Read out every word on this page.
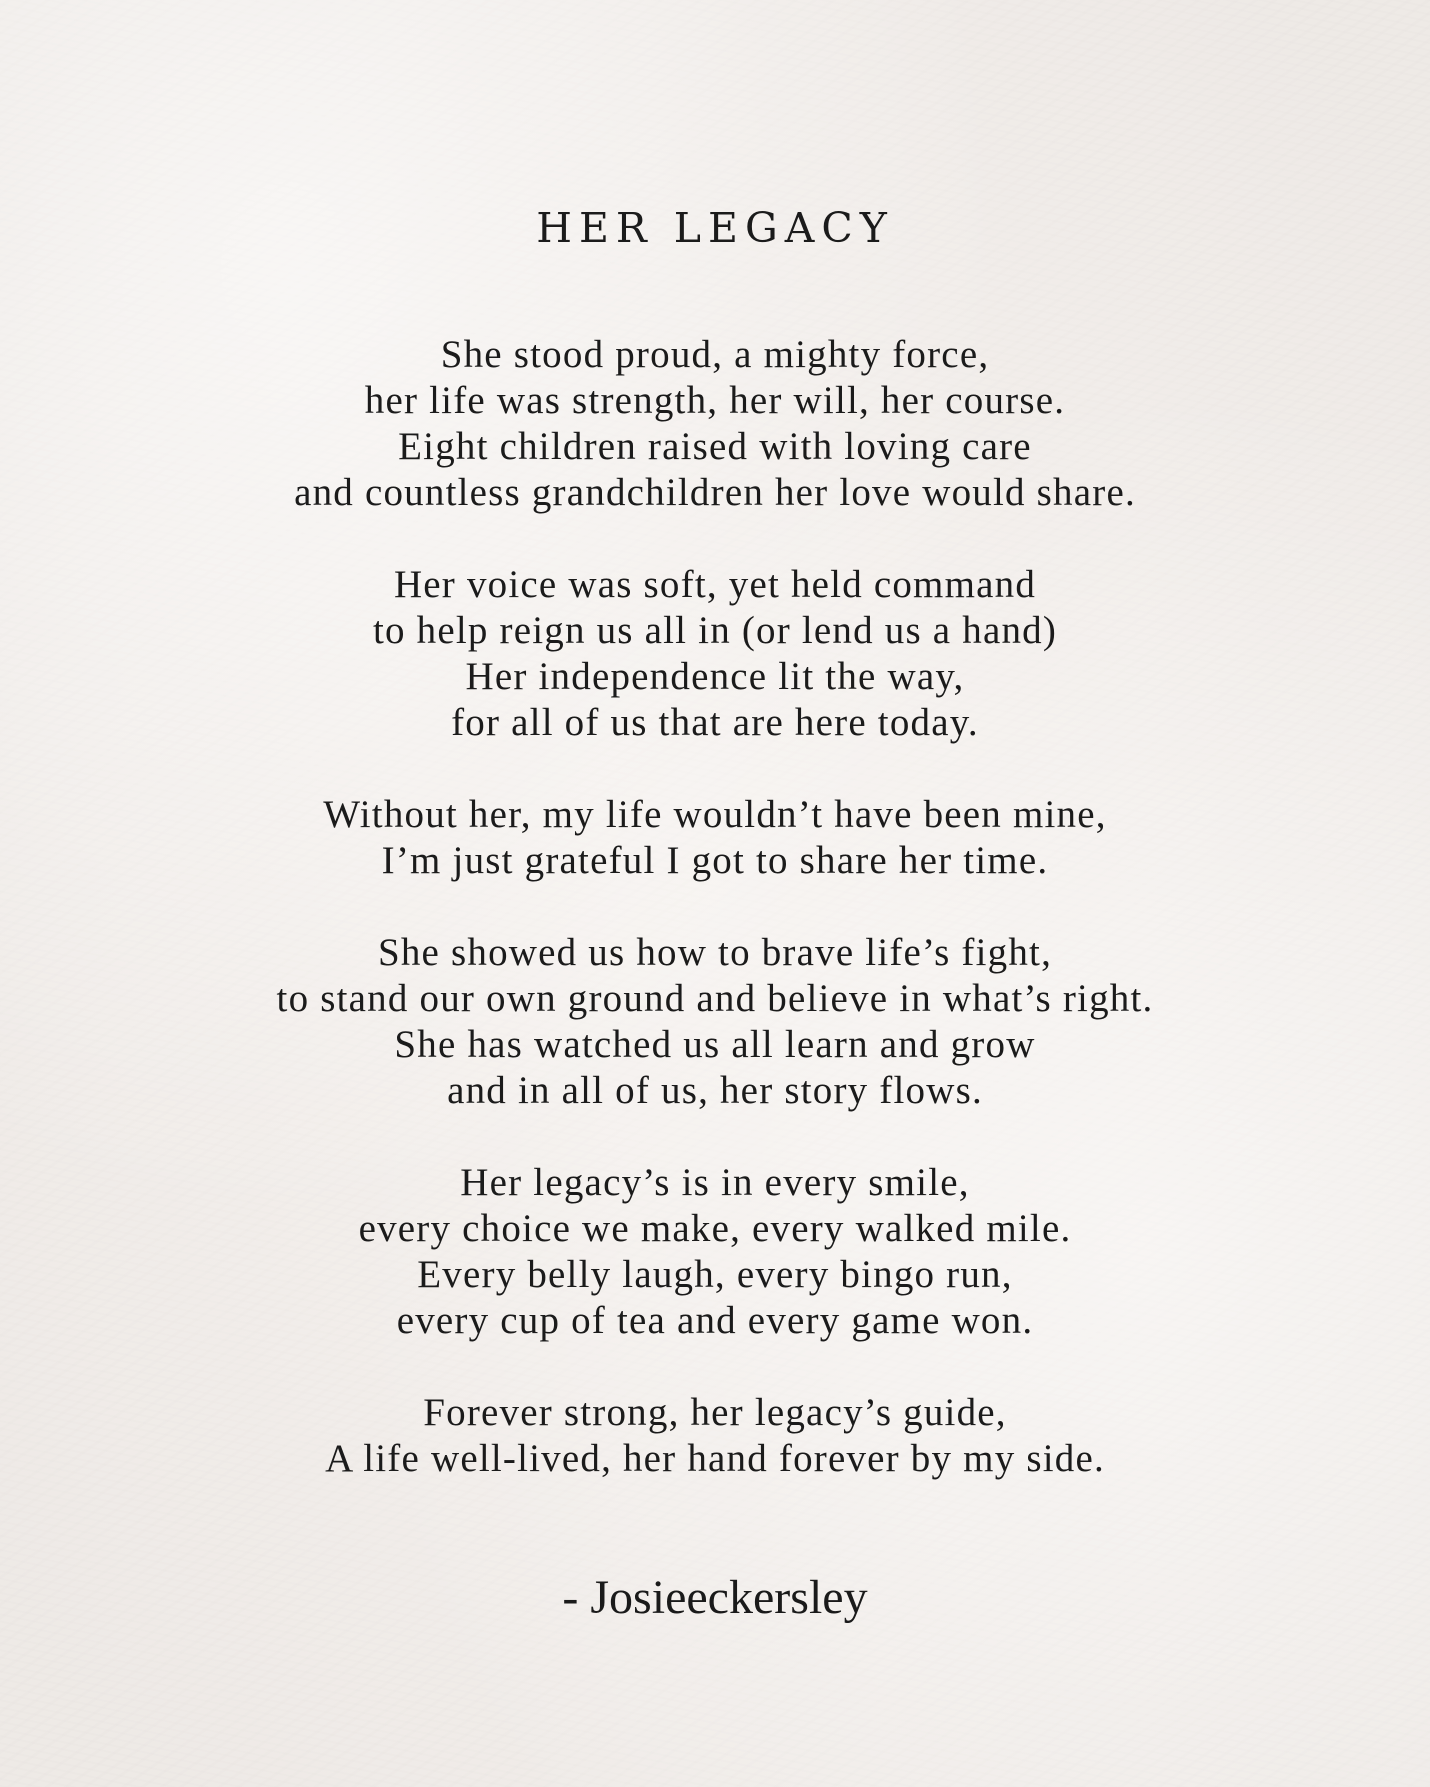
HER LEGACY
She stood proud, a mighty force,
her life was strength, her will, her course.
Eight children raised with loving care
and countless grandchildren her love would share.
Her voice was soft, yet held command
to help reign us all in (or lend us a hand)
Her independence lit the way,
for all of us that are here today.
Without her, my life wouldn’t have been mine,
I’m just grateful I got to share her time.
She showed us how to brave life’s fight,
to stand our own ground and believe in what’s right.
She has watched us all learn and grow
and in all of us, her story flows.
Her legacy’s is in every smile,
every choice we make, every walked mile.
Every belly laugh, every bingo run,
every cup of tea and every game won.
Forever strong, her legacy’s guide,
A life well-lived, her hand forever by my side.
- Josieeckersley
